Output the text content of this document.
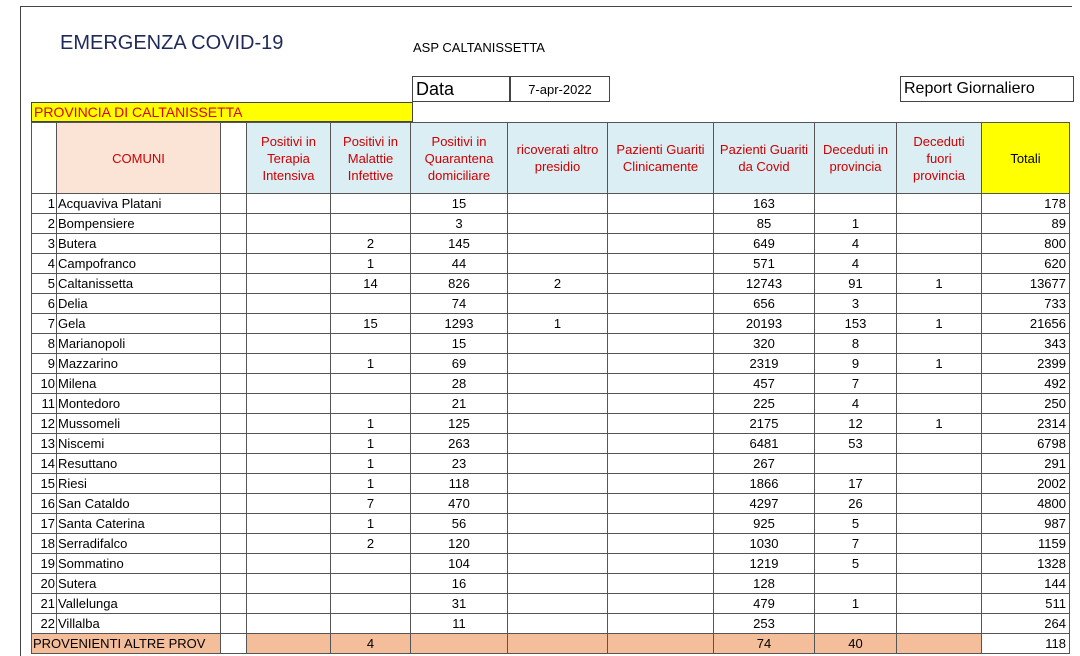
EMERGENZA COVID-19	ASP CALTANISSETTA
Data	7-apr-2022	Report Giornaliero
PROVINCIA DI CALTANISSETTA
	COMUNI		Positivi in Terapia Intensiva	Positivi in Malattie Infettive	Positivi in Quarantena domiciliare	ricoverati altro presidio	Pazienti Guariti Clinicamente	Pazienti Guariti da Covid	Deceduti in provincia	Deceduti fuori provincia	Totali
1	Acquaviva Platani				15			163			178
2	Bompensiere				3			85	1		89
3	Butera			2	145			649	4		800
4	Campofranco			1	44			571	4		620
5	Caltanissetta			14	826	2		12743	91	1	13677
6	Delia				74			656	3		733
7	Gela			15	1293	1		20193	153	1	21656
8	Marianopoli				15			320	8		343
9	Mazzarino			1	69			2319	9	1	2399
10	Milena				28			457	7		492
11	Montedoro				21			225	4		250
12	Mussomeli			1	125			2175	12	1	2314
13	Niscemi			1	263			6481	53		6798
14	Resuttano			1	23			267			291
15	Riesi			1	118			1866	17		2002
16	San Cataldo			7	470			4297	26		4800
17	Santa Caterina			1	56			925	5		987
18	Serradifalco			2	120			1030	7		1159
19	Sommatino				104			1219	5		1328
20	Sutera				16			128			144
21	Vallelunga				31			479	1		511
22	Villalba				11			253			264
PROVENIENTI ALTRE PROV				4				74	40		118
